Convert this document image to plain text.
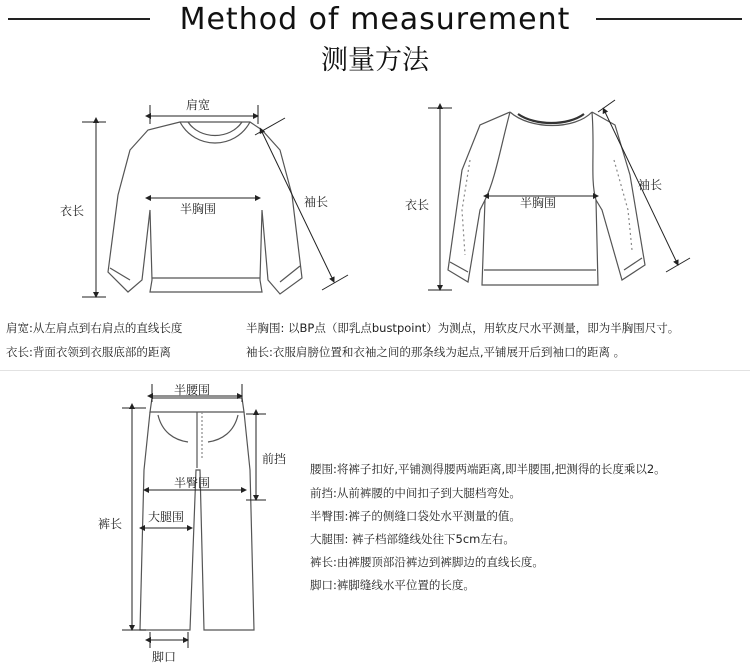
Method of measurement
测量方法
肩宽
衣长	半胸围	袖长	衣长	半胸围
袖长
肩宽:从左肩点到右肩点的直线长度
衣长:背面衣领到衣服底部的距离
半胸围: 以BP点（即乳点bustpoint）为测点，用软皮尺水平测量，即为半胸围尺寸。
袖长:衣服肩膀位置和衣袖之间的那条线为起点,平铺展开后到袖口的距离 。
半腰围
前挡
半臀围
大腿围
裤长
脚口
腰围:将裤子扣好,平铺测得腰两端距离,即半腰围,把测得的长度乘以2。
前挡:从前裤腰的中间扣子到大腿档弯处。
半臀围:裤子的侧缝口袋处水平测量的值。
大腿围: 裤子档部缝线处往下5cm左右。
裤长:由裤腰顶部沿裤边到裤脚边的直线长度。
脚口:裤脚缝线水平位置的长度。
